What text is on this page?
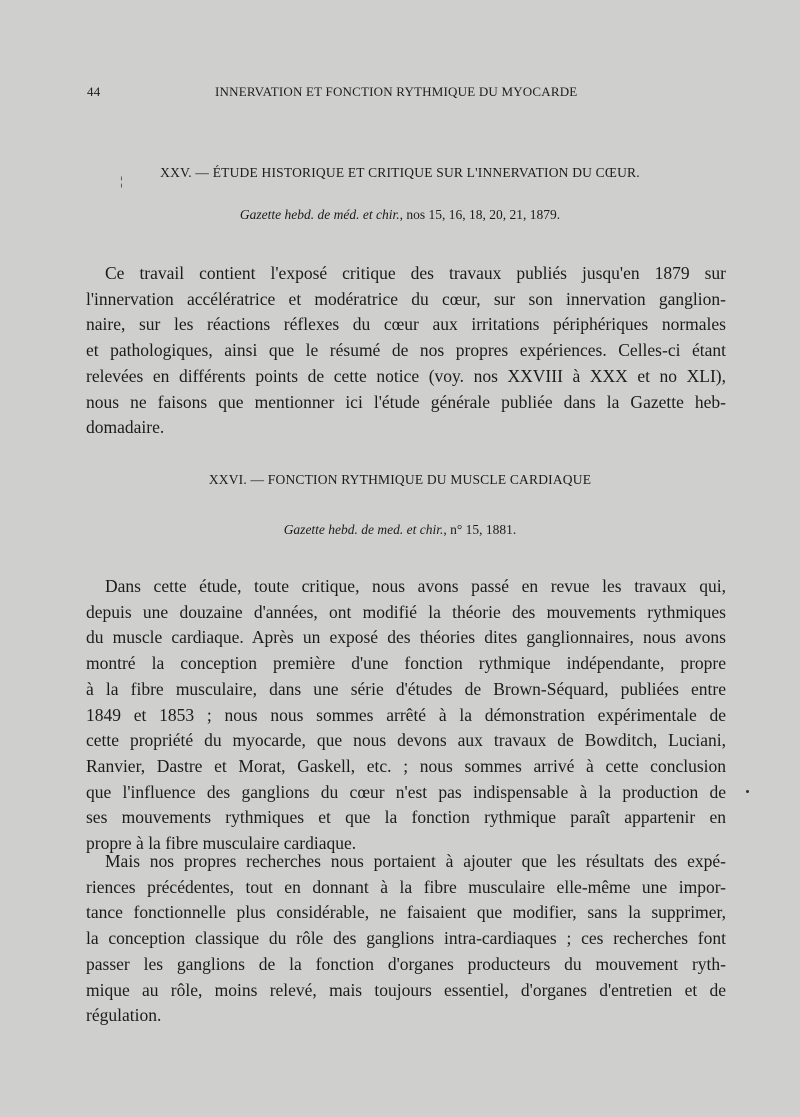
44	INNERVATION ET FONCTION RYTHMIQUE DU MYOCARDE
¦
XXV. — ÉTUDE HISTORIQUE ET CRITIQUE SUR L'INNERVATION DU CŒUR.
Gazette hebd. de méd. et chir., nos 15, 16, 18, 20, 21, 1879.
Ce travail contient l'exposé critique des travaux publiés jusqu'en 1879 sur
l'innervation accélératrice et modératrice du cœur, sur son innervation ganglion-
naire, sur les réactions réflexes du cœur aux irritations périphériques normales
et pathologiques, ainsi que le résumé de nos propres expériences. Celles-ci étant
relevées en différents points de cette notice (voy. nos XXVIII à XXX et no XLI),
nous ne faisons que mentionner ici l'étude générale publiée dans la Gazette heb-
domadaire.
XXVI. — FONCTION RYTHMIQUE DU MUSCLE CARDIAQUE
Gazette hebd. de med. et chir., n° 15, 1881.
Dans cette étude, toute critique, nous avons passé en revue les travaux qui,
depuis une douzaine d'années, ont modifié la théorie des mouvements rythmiques
du muscle cardiaque. Après un exposé des théories dites ganglionnaires, nous avons
montré la conception première d'une fonction rythmique indépendante, propre
à la fibre musculaire, dans une série d'études de Brown-Séquard, publiées entre
1849 et 1853 ; nous nous sommes arrêté à la démonstration expérimentale de
cette propriété du myocarde, que nous devons aux travaux de Bowditch, Luciani,
Ranvier, Dastre et Morat, Gaskell, etc. ; nous sommes arrivé à cette conclusion
que l'influence des ganglions du cœur n'est pas indispensable à la production de
ses mouvements rythmiques et que la fonction rythmique paraît appartenir en
propre à la fibre musculaire cardiaque.
Mais nos propres recherches nous portaient à ajouter que les résultats des expé-
riences précédentes, tout en donnant à la fibre musculaire elle-même une impor-
tance fonctionnelle plus considérable, ne faisaient que modifier, sans la supprimer,
la conception classique du rôle des ganglions intra-cardiaques ; ces recherches font
passer les ganglions de la fonction d'organes producteurs du mouvement ryth-
mique au rôle, moins relevé, mais toujours essentiel, d'organes d'entretien et de
régulation.
